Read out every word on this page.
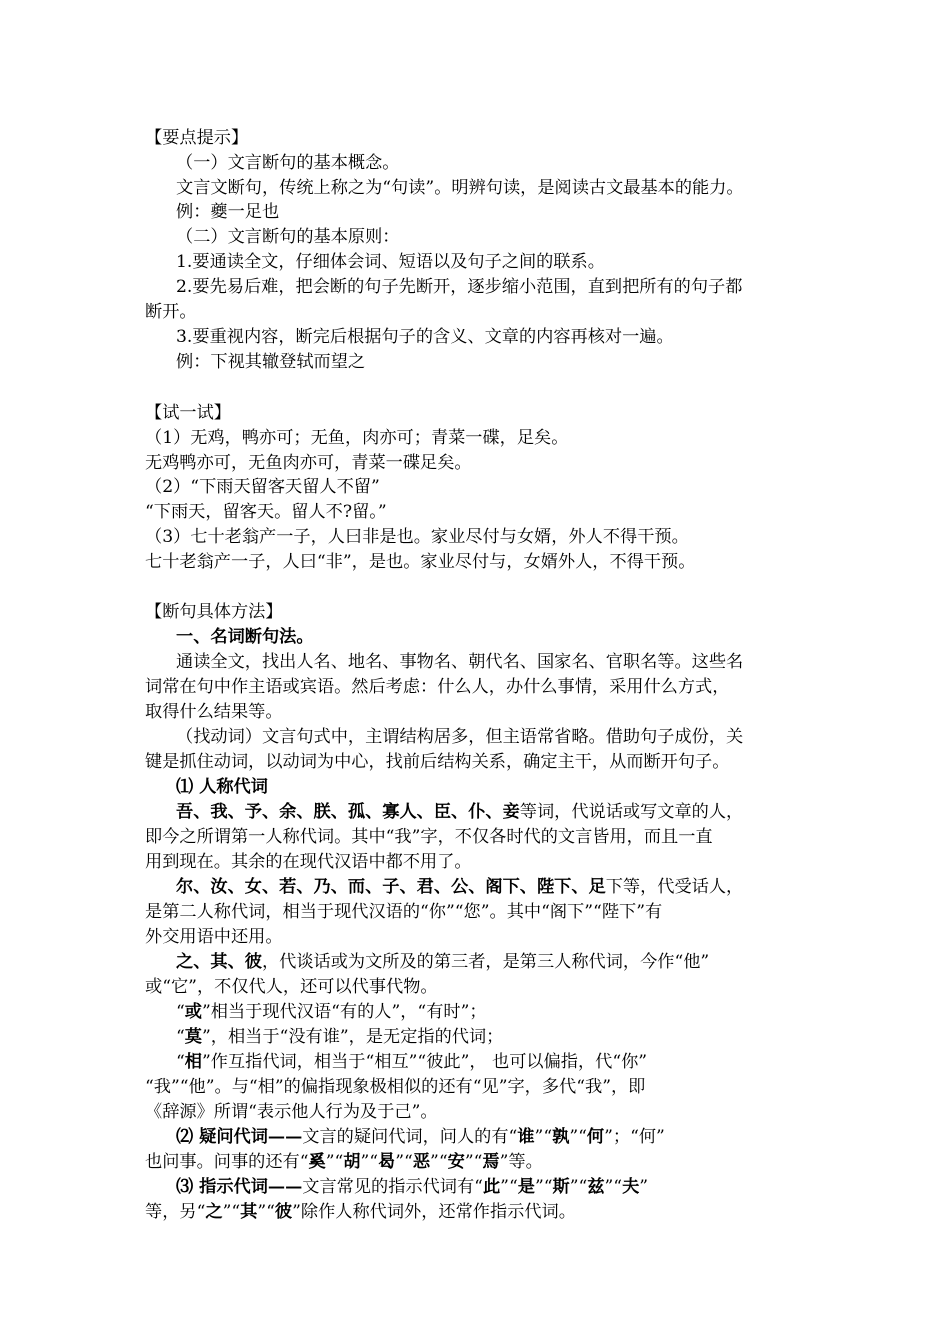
【要点提示】
（一）文言断句的基本概念。
文言文断句，传统上称之为“句读”。明辨句读，是阅读古文最基本的能力。
例：夔一足也
（二）文言断句的基本原则：
1.要通读全文，仔细体会词、短语以及句子之间的联系。
2.要先易后难，把会断的句子先断开，逐步缩小范围，直到把所有的句子都
断开。
3.要重视内容，断完后根据句子的含义、文章的内容再核对一遍。
例：下视其辙登轼而望之
【试一试】
（1）无鸡，鸭亦可；无鱼，肉亦可；青菜一碟，足矣。
无鸡鸭亦可，无鱼肉亦可，青菜一碟足矣。
（2）“下雨天留客天留人不留”
“下雨天，留客天。留人不?留。”
（3）七十老翁产一子，人曰非是也。家业尽付与女婿，外人不得干预。
七十老翁产一子，人曰“非”，是也。家业尽付与，女婿外人，不得干预。
【断句具体方法】
一、名词断句法。
通读全文，找出人名、地名、事物名、朝代名、国家名、官职名等。这些名
词常在句中作主语或宾语。然后考虑：什么人，办什么事情，采用什么方式，
取得什么结果等。
（找动词）文言句式中，主谓结构居多，但主语常省略。借助句子成份，关
键是抓住动词，以动词为中心，找前后结构关系，确定主干，从而断开句子。
⑴ 人称代词
吾、我、予、余、朕、孤、寡人、臣、仆、妾等词，代说话或写文章的人，
即今之所谓第一人称代词。其中“我”字，不仅各时代的文言皆用，而且一直
用到现在。其余的在现代汉语中都不用了。
尔、汝、女、若、乃、而、子、君、公、阁下、陛下、足下等，代受话人，
是第二人称代词，相当于现代汉语的“你”“您”。其中“阁下”“陛下”有
外交用语中还用。
之、其、彼，代谈话或为文所及的第三者，是第三人称代词，今作“他”
或“它”，不仅代人，还可以代事代物。
“或”相当于现代汉语“有的人”，“有时”；
“莫”，相当于“没有谁”，是无定指的代词；
“相”作互指代词，相当于“相互”“彼此”， 也可以偏指，代“你”
“我”“他”。与“相”的偏指现象极相似的还有“见”字，多代“我”，即
《辞源》所谓“表示他人行为及于己”。
⑵ 疑问代词——文言的疑问代词，问人的有“谁”“孰”“何”；“何”
也问事。问事的还有“奚”“胡”“曷”“恶”“安”“焉”等。
⑶ 指示代词——文言常见的指示代词有“此”“是”“斯”“兹”“夫”
等，另“之”“其”“彼”除作人称代词外，还常作指示代词。
